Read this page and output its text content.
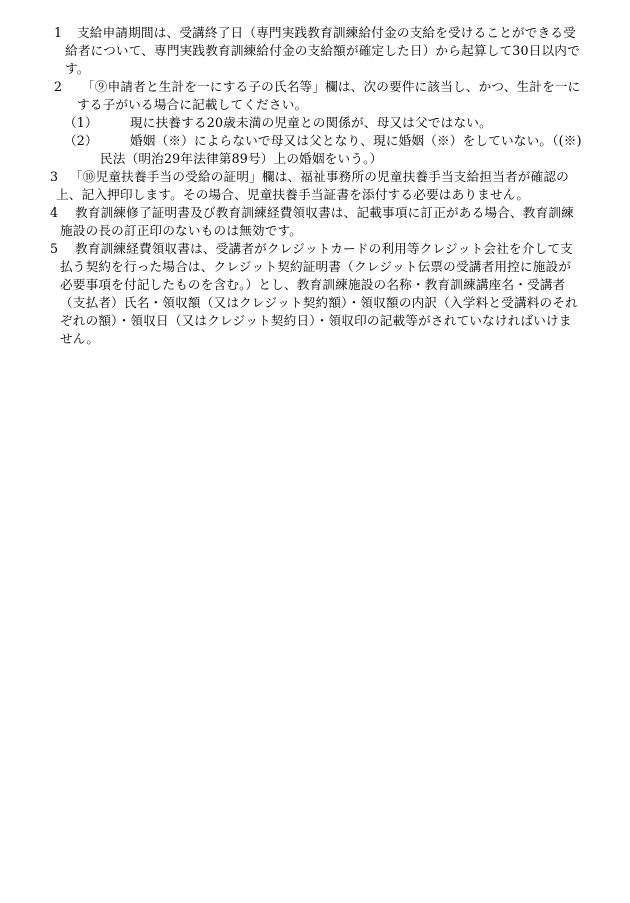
1 支給申請期間は、受講終了日（専門実践教育訓練給付金の支給を受けることができる受
給者について、専門実践教育訓練給付金の支給額が確定した日）から起算して30日以内で
す。
2 「⑨申請者と生計を一にする子の氏名等」欄は、次の要件に該当し、かつ、生計を一に
する子がいる場合に記載してください。
（1）	現に扶養する20歳未満の児童との関係が、母又は父ではない。
（2）	婚姻（※）によらないで母又は父となり、現に婚姻（※）をしていない。（(※)
民法（明治29年法律第89号）上の婚姻をいう。）
3 「⑩児童扶養手当の受給の証明」欄は、福祉事務所の児童扶養手当支給担当者が確認の
上、記入押印します。その場合、児童扶養手当証書を添付する必要はありません。
4 教育訓練修了証明書及び教育訓練経費領収書は、記載事項に訂正がある場合、教育訓練
施設の長の訂正印のないものは無効です。
5 教育訓練経費領収書は、受講者がクレジットカードの利用等クレジット会社を介して支
払う契約を行った場合は、クレジット契約証明書（クレジット伝票の受講者用控に施設が
必要事項を付記したものを含む。）とし、教育訓練施設の名称・教育訓練講座名・受講者
（支払者）氏名・領収額（又はクレジット契約額）・領収額の内訳（入学料と受講料のそれ
ぞれの額）・領収日（又はクレジット契約日）・領収印の記載等がされていなければいけま
せん。
